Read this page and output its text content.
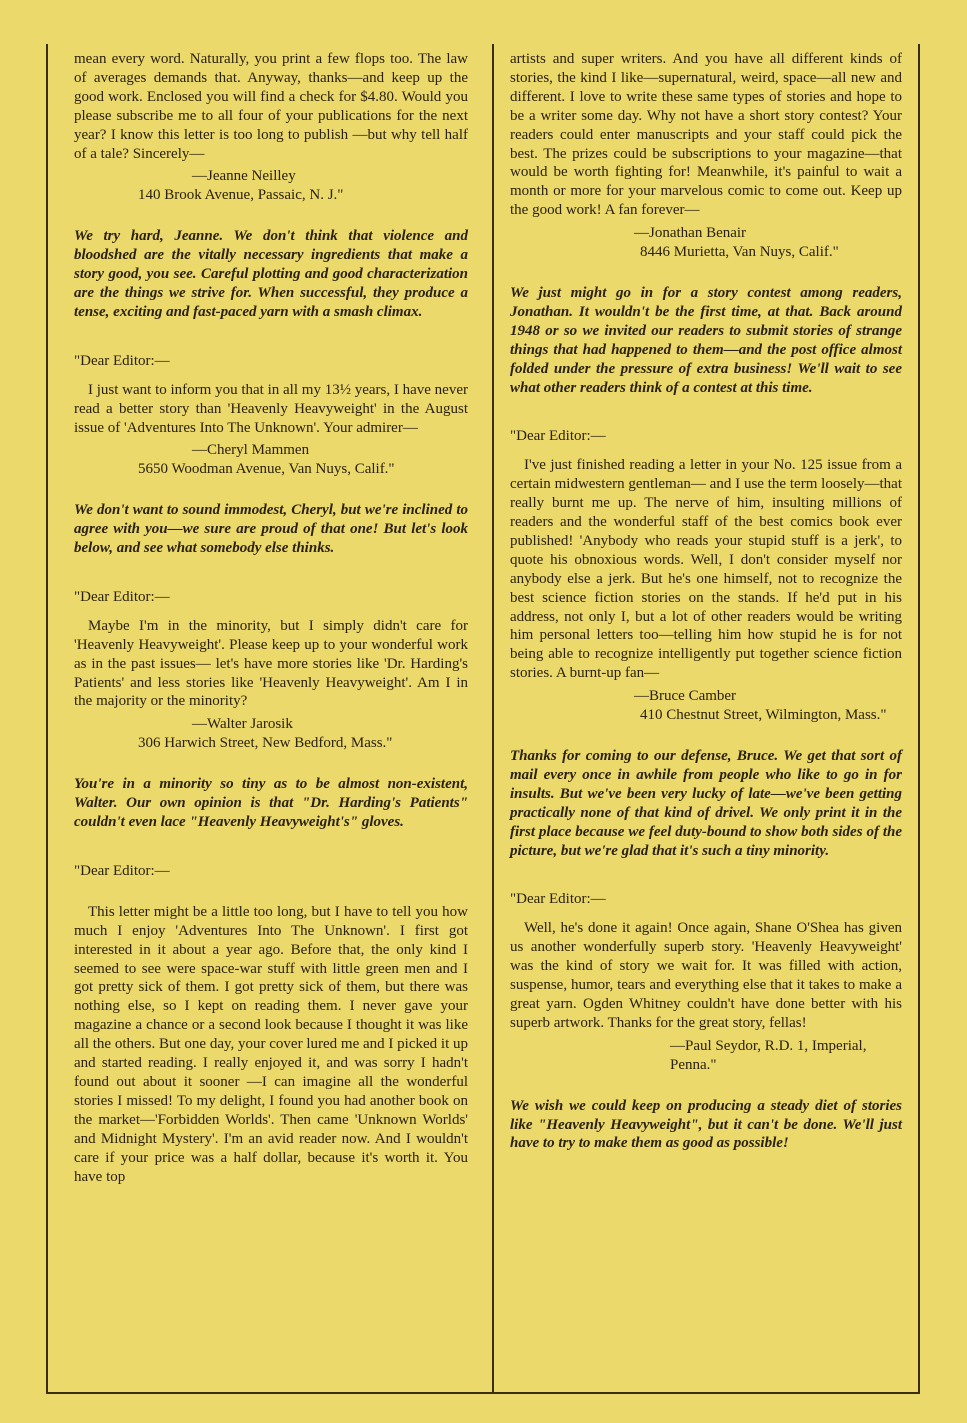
mean every word. Naturally, you print a few flops too. The law of averages demands that. Anyway, thanks—and keep up the good work. Enclosed you will find a check for $4.80. Would you please subscribe me to all four of your publications for the next year? I know this letter is too long to publish —but why tell half of a tale? Sincerely—

—Jeanne Neilley

140 Brook Avenue, Passaic, N. J."

We try hard, Jeanne. We don't think that violence and bloodshed are the vitally necessary ingredients that make a story good, you see. Careful plotting and good characterization are the things we strive for. When successful, they produce a tense, exciting and fast-paced yarn with a smash climax.

"Dear Editor:—

I just want to inform you that in all my 13½ years, I have never read a better story than 'Heavenly Heavyweight' in the August issue of 'Adventures Into The Unknown'. Your admirer—

—Cheryl Mammen

5650 Woodman Avenue, Van Nuys, Calif."

We don't want to sound immodest, Cheryl, but we're inclined to agree with you—we sure are proud of that one! But let's look below, and see what somebody else thinks.

"Dear Editor:—

Maybe I'm in the minority, but I simply didn't care for 'Heavenly Heavyweight'. Please keep up to your wonderful work as in the past issues— let's have more stories like 'Dr. Harding's Patients' and less stories like 'Heavenly Heavyweight'. Am I in the majority or the minority?

—Walter Jarosik

306 Harwich Street, New Bedford, Mass."

You're in a minority so tiny as to be almost non-existent, Walter. Our own opinion is that "Dr. Harding's Patients" couldn't even lace "Heavenly Heavyweight's" gloves.

"Dear Editor:—

This letter might be a little too long, but I have to tell you how much I enjoy 'Adventures Into The Unknown'. I first got interested in it about a year ago. Before that, the only kind I seemed to see were space-war stuff with little green men and I got pretty sick of them. I got pretty sick of them, but there was nothing else, so I kept on reading them. I never gave your magazine a chance or a second look because I thought it was like all the others. But one day, your cover lured me and I picked it up and started reading. I really enjoyed it, and was sorry I hadn't found out about it sooner —I can imagine all the wonderful stories I missed! To my delight, I found you had another book on the market—'Forbidden Worlds'. Then came 'Unknown Worlds' and Midnight Mystery'. I'm an avid reader now. And I wouldn't care if your price was a half dollar, because it's worth it. You have top

artists and super writers. And you have all different kinds of stories, the kind I like—supernatural, weird, space—all new and different. I love to write these same types of stories and hope to be a writer some day. Why not have a short story contest? Your readers could enter manuscripts and your staff could pick the best. The prizes could be subscriptions to your magazine—that would be worth fighting for! Meanwhile, it's painful to wait a month or more for your marvelous comic to come out. Keep up the good work! A fan forever—

—Jonathan Benair

8446 Murietta, Van Nuys, Calif."

We just might go in for a story contest among readers, Jonathan. It wouldn't be the first time, at that. Back around 1948 or so we invited our readers to submit stories of strange things that had happened to them—and the post office almost folded under the pressure of extra business! We'll wait to see what other readers think of a contest at this time.

"Dear Editor:—

I've just finished reading a letter in your No. 125 issue from a certain midwestern gentleman— and I use the term loosely—that really burnt me up. The nerve of him, insulting millions of readers and the wonderful staff of the best comics book ever published! 'Anybody who reads your stupid stuff is a jerk', to quote his obnoxious words. Well, I don't consider myself nor anybody else a jerk. But he's one himself, not to recognize the best science fiction stories on the stands. If he'd put in his address, not only I, but a lot of other readers would be writing him personal letters too—telling him how stupid he is for not being able to recognize intelligently put together science fiction stories. A burnt-up fan—

—Bruce Camber

410 Chestnut Street, Wilmington, Mass."

Thanks for coming to our defense, Bruce. We get that sort of mail every once in awhile from people who like to go in for insults. But we've been very lucky of late—we've been getting practically none of that kind of drivel. We only print it in the first place because we feel duty-bound to show both sides of the picture, but we're glad that it's such a tiny minority.

"Dear Editor:—

Well, he's done it again! Once again, Shane O'Shea has given us another wonderfully superb story. 'Heavenly Heavyweight' was the kind of story we wait for. It was filled with action, suspense, humor, tears and everything else that it takes to make a great yarn. Ogden Whitney couldn't have done better with his superb artwork. Thanks for the great story, fellas!

—Paul Seydor, R.D. 1, Imperial, Penna."

We wish we could keep on producing a steady diet of stories like "Heavenly Heavyweight", but it can't be done. We'll just have to try to make them as good as possible!
